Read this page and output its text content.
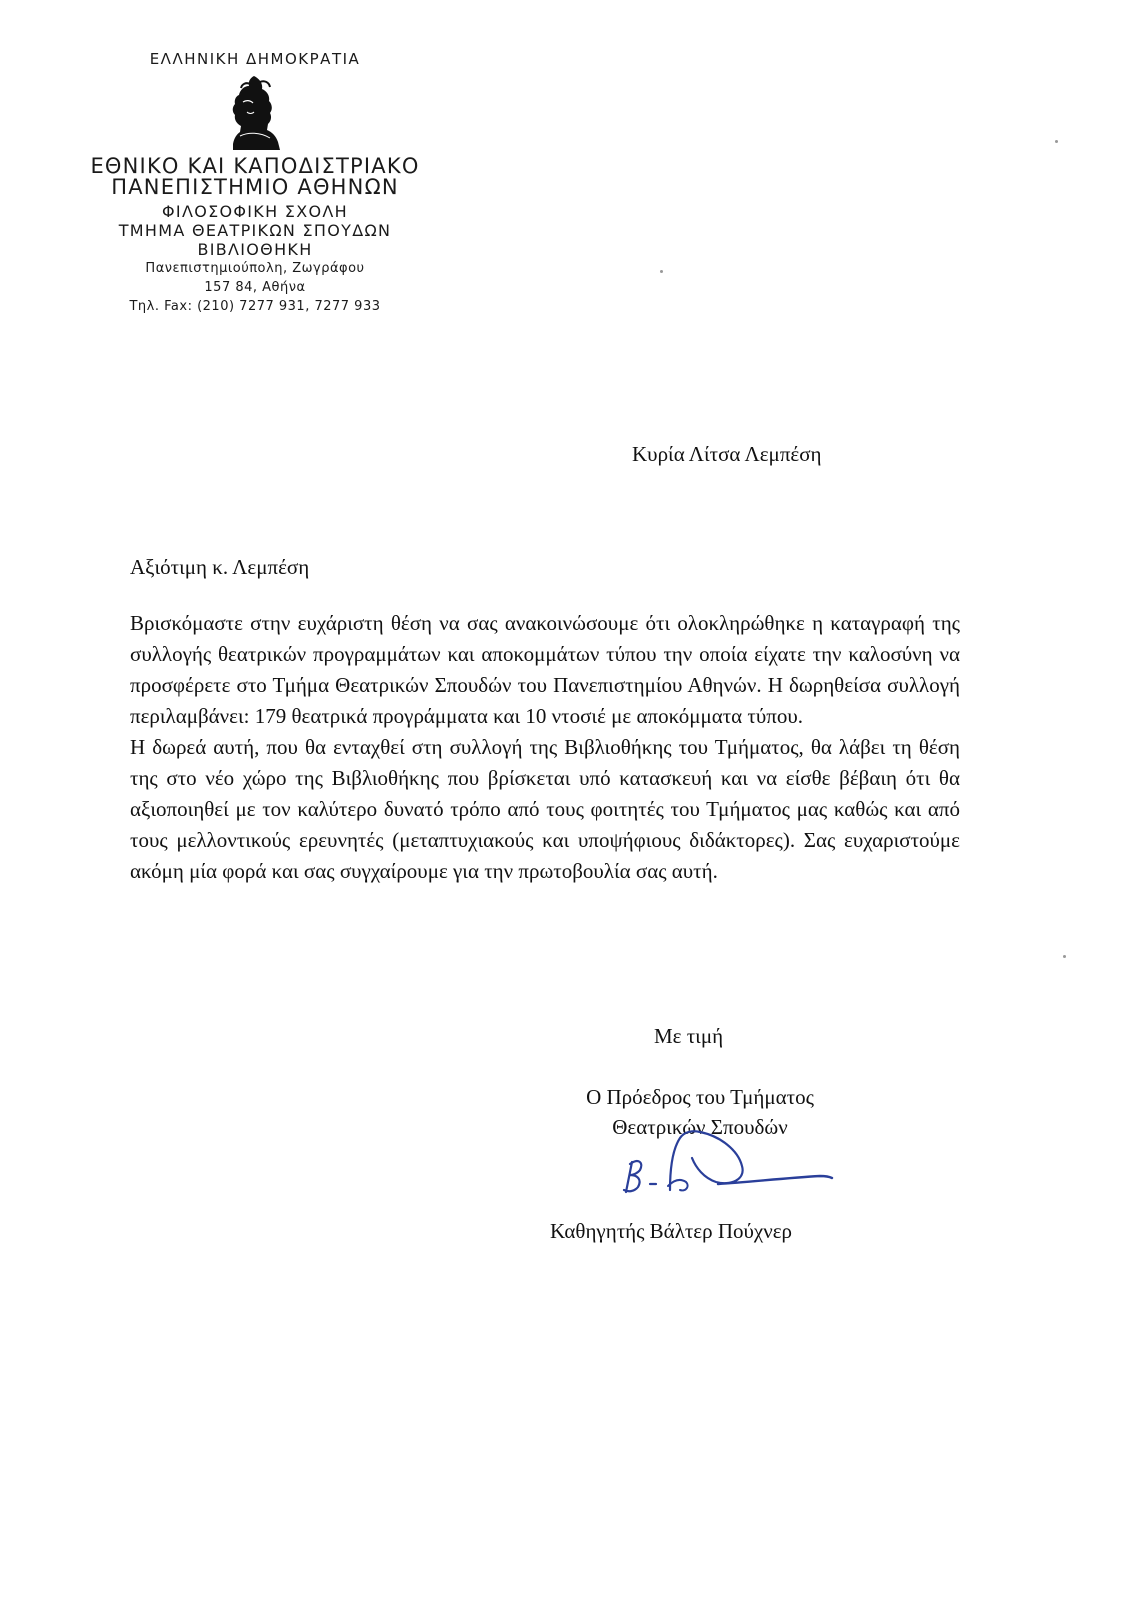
ΕΛΛΗΝΙΚΗ ΔΗΜΟΚΡΑΤΙΑ
ΕΘΝΙΚΟ ΚΑΙ ΚΑΠΟΔΙΣΤΡΙΑΚΟ
ΠΑΝΕΠΙΣΤΗΜΙΟ ΑΘΗΝΩΝ
ΦΙΛΟΣΟΦΙΚΗ ΣΧΟΛΗ
ΤΜΗΜΑ ΘΕΑΤΡΙΚΩΝ ΣΠΟΥΔΩΝ
ΒΙΒΛΙΟΘΗΚΗ
Πανεπιστημιούπολη, Ζωγράφου
157 84, Αθήνα
Τηλ. Fax: (210) 7277 931, 7277 933
Κυρία Λίτσα Λεμπέση
Αξιότιμη κ. Λεμπέση

Βρισκόμαστε στην ευχάριστη θέση να σας ανακοινώσουμε ότι ολοκληρώθηκε η καταγραφή της συλλογής θεατρικών προγραμμάτων και αποκομμάτων τύπου την οποία είχατε την καλοσύνη να προσφέρετε στο Τμήμα Θεατρικών Σπουδών του Πανεπιστημίου Αθηνών. Η δωρηθείσα συλλογή περιλαμβάνει: 179 θεατρικά προγράμματα και 10 ντοσιέ με αποκόμματα τύπου.

Η δωρεά αυτή, που θα ενταχθεί στη συλλογή της Βιβλιοθήκης του Τμήματος, θα λάβει τη θέση της στο νέο χώρο της Βιβλιοθήκης που βρίσκεται υπό κατασκευή και να είσθε βέβαιη ότι θα αξιοποιηθεί με τον καλύτερο δυνατό τρόπο από τους φοιτητές του Τμήματος μας καθώς και από τους μελλοντικούς ερευνητές (μεταπτυχιακούς και υποψήφιους διδάκτορες). Σας ευχαριστούμε ακόμη μία φορά και σας συγχαίρουμε για την πρωτοβουλία σας αυτή.

Με τιμή
Ο Πρόεδρος του Τμήματος
Θεατρικών Σπουδών
Καθηγητής Βάλτερ Πούχνερ
